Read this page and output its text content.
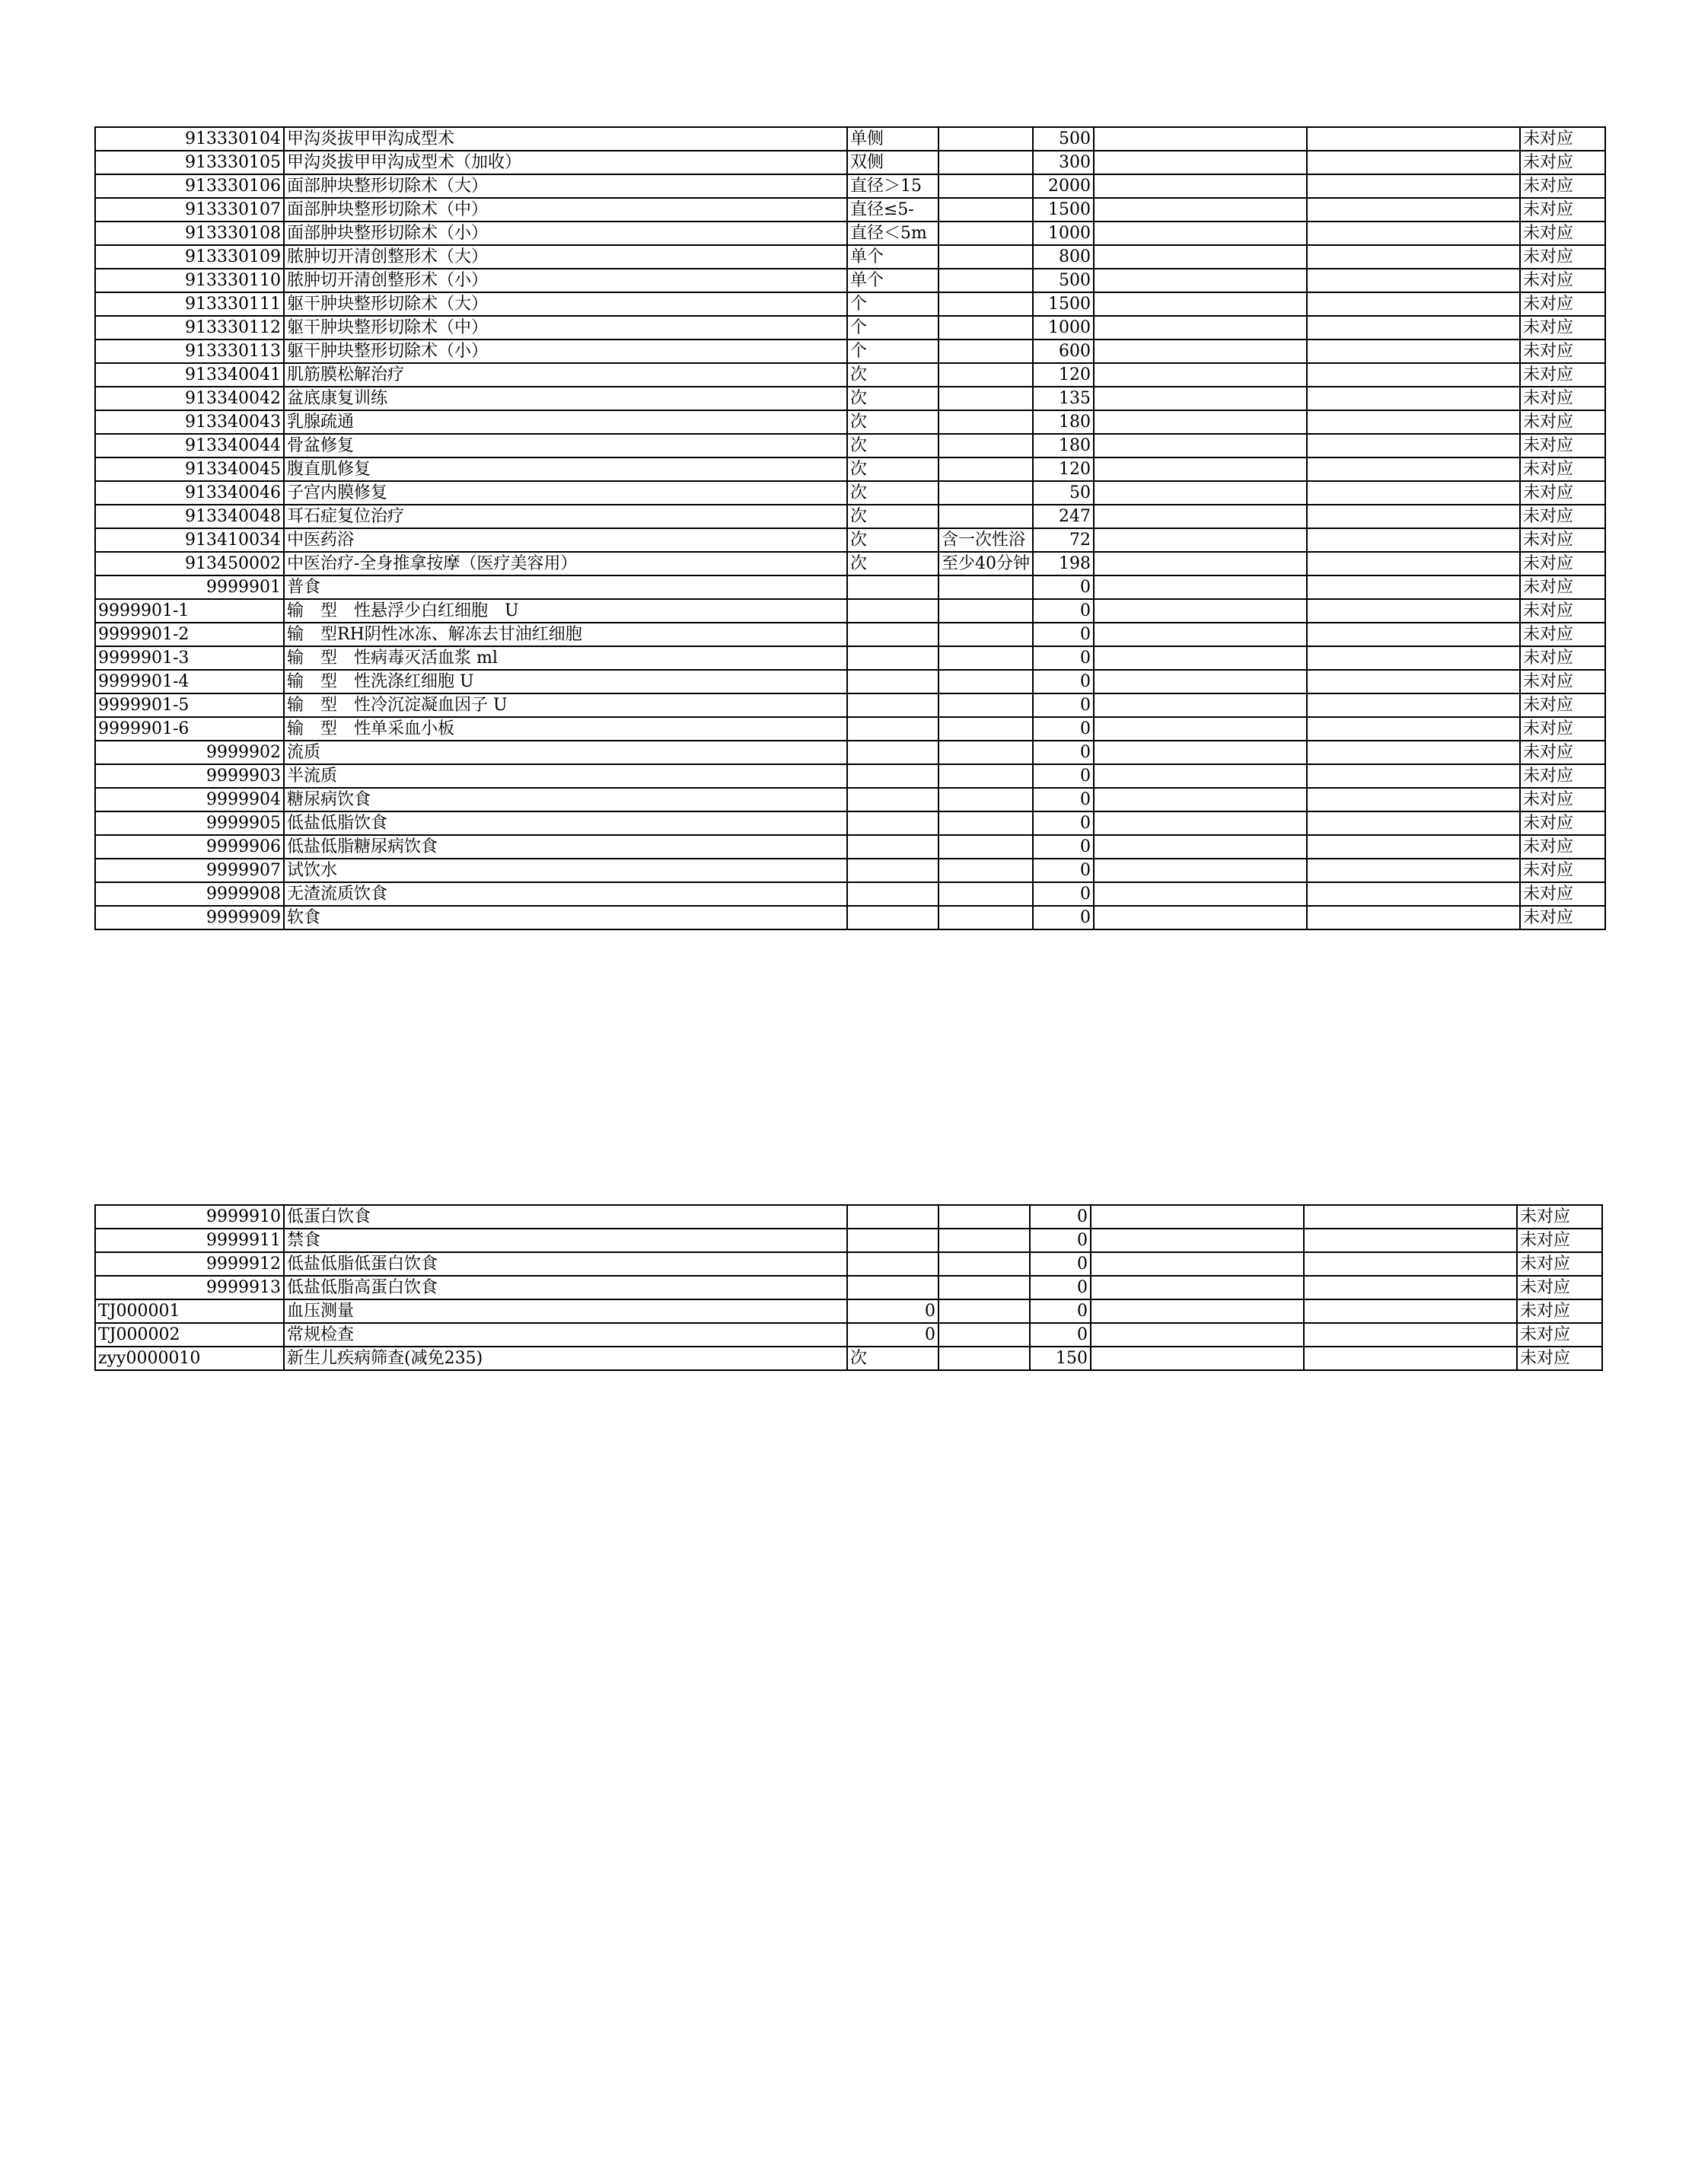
913330104	甲沟炎拔甲甲沟成型术	单侧		500			未对应
913330105	甲沟炎拔甲甲沟成型术（加收）	双侧		300			未对应
913330106	面部肿块整形切除术（大）	直径＞15		2000			未对应
913330107	面部肿块整形切除术（中）	直径≤5-		1500			未对应
913330108	面部肿块整形切除术（小）	直径＜5m		1000			未对应
913330109	脓肿切开清创整形术（大）	单个		800			未对应
913330110	脓肿切开清创整形术（小）	单个		500			未对应
913330111	躯干肿块整形切除术（大）	个		1500			未对应
913330112	躯干肿块整形切除术（中）	个		1000			未对应
913330113	躯干肿块整形切除术（小）	个		600			未对应
913340041	肌筋膜松解治疗	次		120			未对应
913340042	盆底康复训练	次		135			未对应
913340043	乳腺疏通	次		180			未对应
913340044	骨盆修复	次		180			未对应
913340045	腹直肌修复	次		120			未对应
913340046	子宫内膜修复	次		50			未对应
913340048	耳石症复位治疗	次		247			未对应
913410034	中医药浴	次	含一次性浴	72			未对应
913450002	中医治疗-全身推拿按摩（医疗美容用）	次	至少40分钟	198			未对应
9999901	普食			0			未对应
9999901-1	输　型　性悬浮少白红细胞　U			0			未对应
9999901-2	输　型RH阴性冰冻、解冻去甘油红细胞			0			未对应
9999901-3	输　型　性病毒灭活血浆 ml			0			未对应
9999901-4	输　型　性洗涤红细胞 U			0			未对应
9999901-5	输　型　性冷沉淀凝血因子 U			0			未对应
9999901-6	输　型　性单采血小板			0			未对应
9999902	流质			0			未对应
9999903	半流质			0			未对应
9999904	糖尿病饮食			0			未对应
9999905	低盐低脂饮食			0			未对应
9999906	低盐低脂糖尿病饮食			0			未对应
9999907	试饮水			0			未对应
9999908	无渣流质饮食			0			未对应
9999909	软食			0			未对应
9999910	低蛋白饮食			0			未对应
9999911	禁食			0			未对应
9999912	低盐低脂低蛋白饮食			0			未对应
9999913	低盐低脂高蛋白饮食			0			未对应
TJ000001	血压测量	0		0			未对应
TJ000002	常规检查	0		0			未对应
zyy0000010	新生儿疾病筛查(减免235)	次		150			未对应
